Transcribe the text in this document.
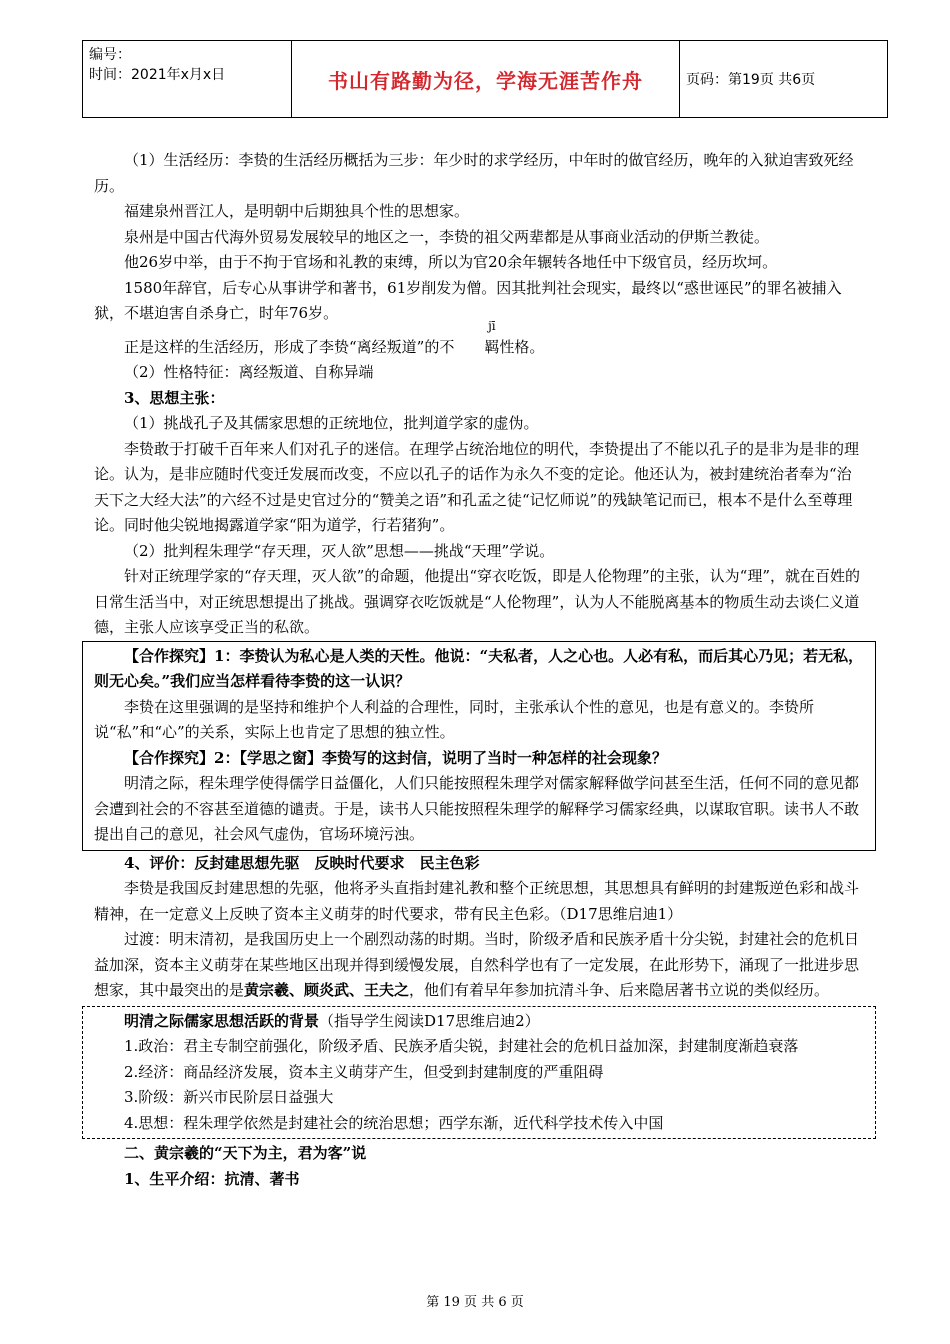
编号：
时间：2021年x月x日	书山有路勤为径，学海无涯苦作舟	页码：第19页 共6页

（1）生活经历：李贽的生活经历概括为三步：年少时的求学经历，中年时的做官经历，晚年的入狱迫害致死经历。

福建泉州晋江人，是明朝中后期独具个性的思想家。

泉州是中国古代海外贸易发展较早的地区之一，李贽的祖父两辈都是从事商业活动的伊斯兰教徒。

他26岁中举，由于不拘于官场和礼教的束缚，所以为官20余年辗转各地任中下级官员，经历坎坷。

1580年辞官，后专心从事讲学和著书，61岁削发为僧。因其批判社会现实，最终以“惑世诬民”的罪名被捕入狱，不堪迫害自杀身亡，时年76岁。

正是这样的生活经历，形成了李贽“离经叛道”的不
jī
羁性格。

（2）性格特征：离经叛道、自称异端

3、思想主张：

（1）挑战孔子及其儒家思想的正统地位，批判道学家的虚伪。

李贽敢于打破千百年来人们对孔子的迷信。在理学占统治地位的明代，李贽提出了不能以孔子的是非为是非的理论。认为，是非应随时代变迁发展而改变，不应以孔子的话作为永久不变的定论。他还认为，被封建统治者奉为“治天下之大经大法”的六经不过是史官过分的“赞美之语”和孔孟之徒“记忆师说”的残缺笔记而已，根本不是什么至尊理论。同时他尖锐地揭露道学家“阳为道学，行若猪狗”。

（2）批判程朱理学“存天理，灭人欲”思想——挑战“天理”学说。

针对正统理学家的“存天理，灭人欲”的命题，他提出“穿衣吃饭，即是人伦物理”的主张，认为“理”，就在百姓的日常生活当中，对正统思想提出了挑战。强调穿衣吃饭就是“人伦物理”，认为人不能脱离基本的物质生动去谈仁义道德，主张人应该享受正当的私欲。

【合作探究】1：李贽认为私心是人类的天性。他说：“夫私者，人之心也。人必有私，而后其心乃见；若无私，则无心矣。”我们应当怎样看待李贽的这一认识？

李贽在这里强调的是坚持和维护个人利益的合理性，同时，主张承认个性的意见，也是有意义的。李贽所说“私”和“心”的关系，实际上也肯定了思想的独立性。

【合作探究】2：【学思之窗】李贽写的这封信，说明了当时一种怎样的社会现象？

明清之际，程朱理学使得儒学日益僵化，人们只能按照程朱理学对儒家解释做学问甚至生活，任何不同的意见都会遭到社会的不容甚至道德的谴责。于是，读书人只能按照程朱理学的解释学习儒家经典，以谋取官职。读书人不敢提出自己的意见，社会风气虚伪，官场环境污浊。

4、评价：反封建思想先驱　反映时代要求　民主色彩

李贽是我国反封建思想的先驱，他将矛头直指封建礼教和整个正统思想，其思想具有鲜明的封建叛逆色彩和战斗精神，在一定意义上反映了资本主义萌芽的时代要求，带有民主色彩。（D17思维启迪1）

过渡：明末清初，是我国历史上一个剧烈动荡的时期。当时，阶级矛盾和民族矛盾十分尖锐，封建社会的危机日益加深，资本主义萌芽在某些地区出现并得到缓慢发展，自然科学也有了一定发展，在此形势下，涌现了一批进步思想家，其中最突出的是黄宗羲、顾炎武、王夫之，他们有着早年参加抗清斗争、后来隐居著书立说的类似经历。

明清之际儒家思想活跃的背景（指导学生阅读D17思维启迪2）

1.政治：君主专制空前强化，阶级矛盾、民族矛盾尖锐，封建社会的危机日益加深，封建制度渐趋衰落

2.经济：商品经济发展，资本主义萌芽产生，但受到封建制度的严重阻碍

3.阶级：新兴市民阶层日益强大

4.思想：程朱理学依然是封建社会的统治思想；西学东渐，近代科学技术传入中国

二、黄宗羲的“天下为主，君为客”说

1、生平介绍：抗清、著书

第 19 页 共 6 页
